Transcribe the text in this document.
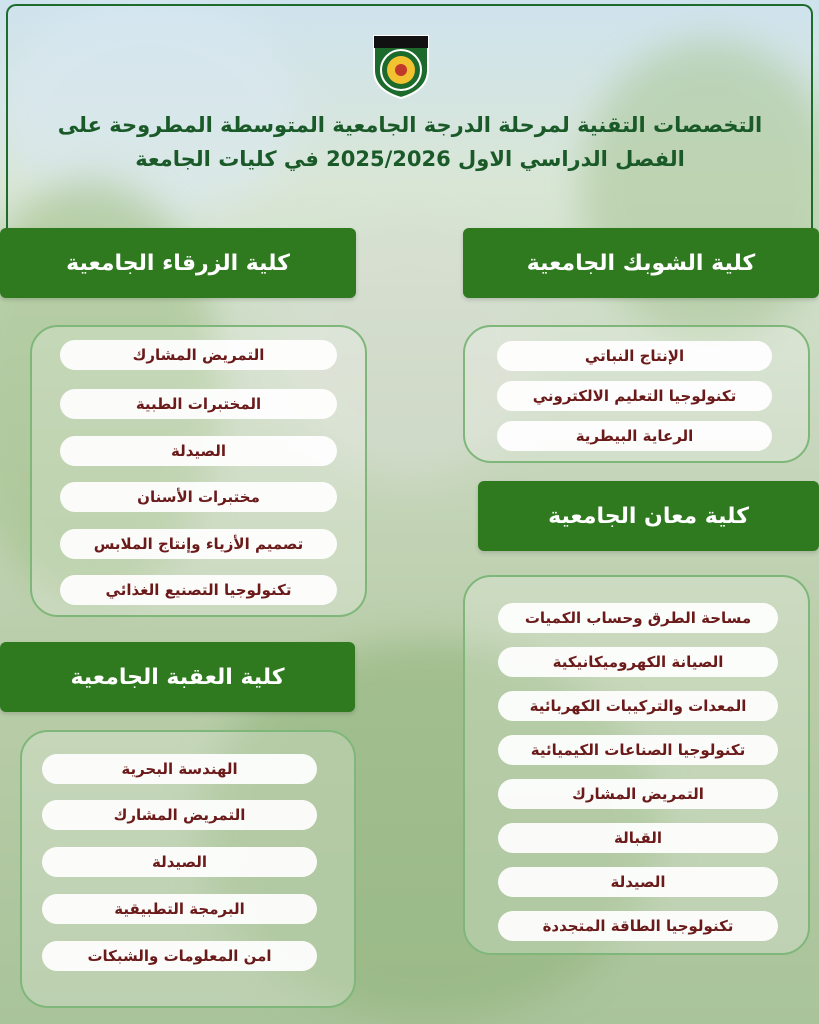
التخصصات التقنية لمرحلة الدرجة الجامعية المتوسطة المطروحة على
الفصل الدراسي الاول 2025/2026 في كليات الجامعة
كلية الشوبك الجامعية
الإنتاج النباتي
تكنولوجيا التعليم الالكتروني
الرعاية البيطرية
كلية الزرقاء الجامعية
التمريض المشارك
المختبرات الطبية
الصيدلة
مختبرات الأسنان
تصميم الأزياء وإنتاج الملابس
تكنولوجيا التصنيع الغذائي
كلية معان الجامعية
مساحة الطرق وحساب الكميات
الصيانة الكهروميكانيكية
المعدات والتركيبات الكهربائية
تكنولوجيا الصناعات الكيميائية
التمريض المشارك
القبالة
الصيدلة
تكنولوجيا الطاقة المتجددة
كلية العقبة الجامعية
الهندسة البحرية
التمريض المشارك
الصيدلة
البرمجة التطبيقية
امن المعلومات والشبكات
